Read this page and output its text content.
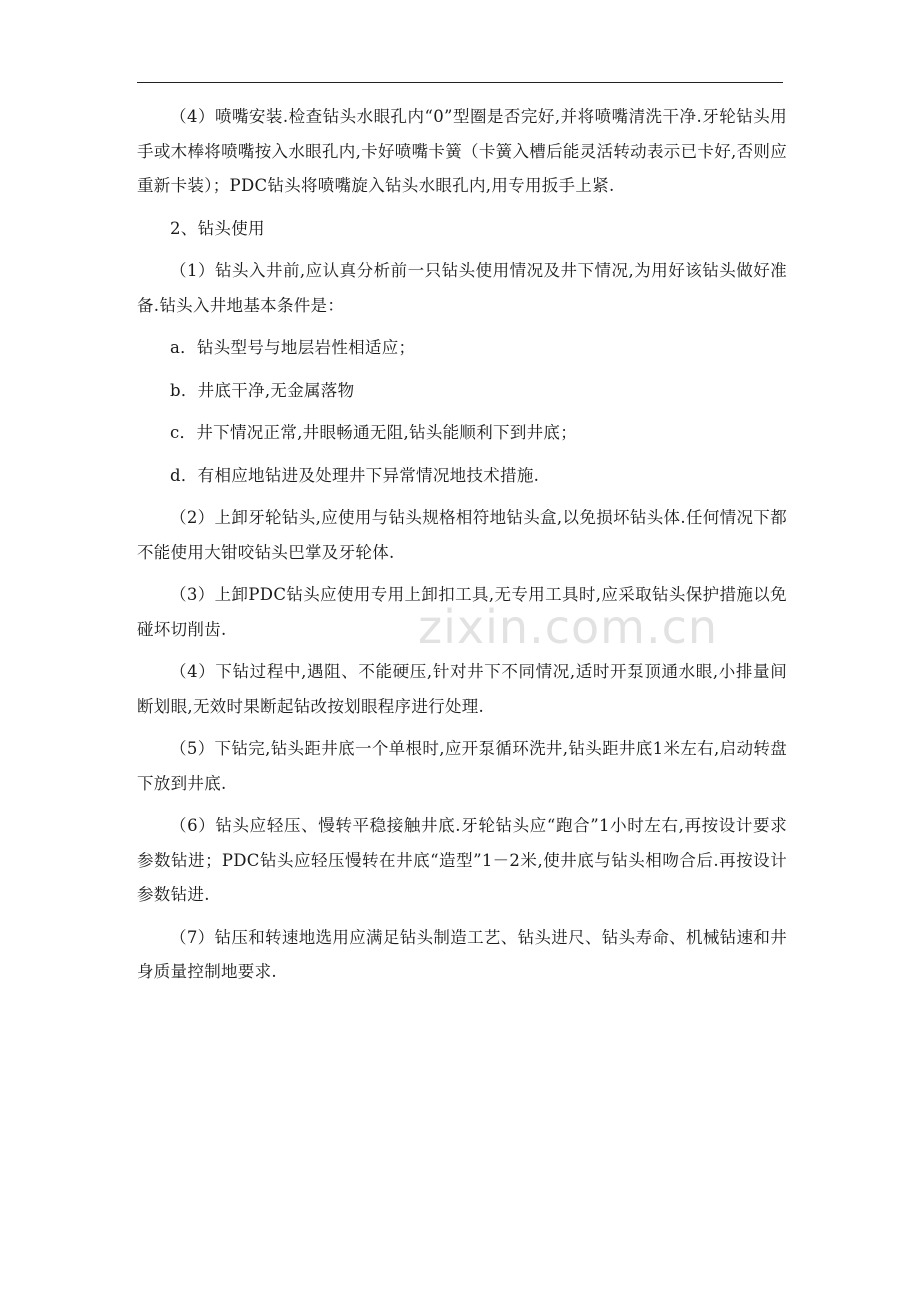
（4）喷嘴安装.检查钻头水眼孔内“0”型圈是否完好,并将喷嘴清洗干净.牙轮钻头用手或木棒将喷嘴按入水眼孔内,卡好喷嘴卡簧（卡簧入槽后能灵活转动表示已卡好,否则应重新卡装）；PDC钻头将喷嘴旋入钻头水眼孔内,用专用扳手上紧.

2、钻头使用

（1）钻头入井前,应认真分析前一只钻头使用情况及井下情况,为用好该钻头做好准备.钻头入井地基本条件是：

a．钻头型号与地层岩性相适应；

b．井底干净,无金属落物

c．井下情况正常,井眼畅通无阻,钻头能顺利下到井底；

d．有相应地钻进及处理井下异常情况地技术措施.

（2）上卸牙轮钻头,应使用与钻头规格相符地钻头盒,以免损坏钻头体.任何情况下都不能使用大钳咬钻头巴掌及牙轮体.

（3）上卸PDC钻头应使用专用上卸扣工具,无专用工具时,应采取钻头保护措施以免碰坏切削齿.

（4）下钻过程中,遇阻、不能硬压,针对井下不同情况,适时开泵顶通水眼,小排量间断划眼,无效时果断起钻改按划眼程序进行处理.

（5）下钻完,钻头距井底一个单根时,应开泵循环洗井,钻头距井底1米左右,启动转盘下放到井底.

（6）钻头应轻压、慢转平稳接触井底.牙轮钻头应“跑合”1小时左右,再按设计要求参数钻进；PDC钻头应轻压慢转在井底“造型”1－2米,使井底与钻头相吻合后.再按设计参数钻进.

（7）钻压和转速地选用应满足钻头制造工艺、钻头进尺、钻头寿命、机械钻速和井身质量控制地要求.

zixin.com.cn
